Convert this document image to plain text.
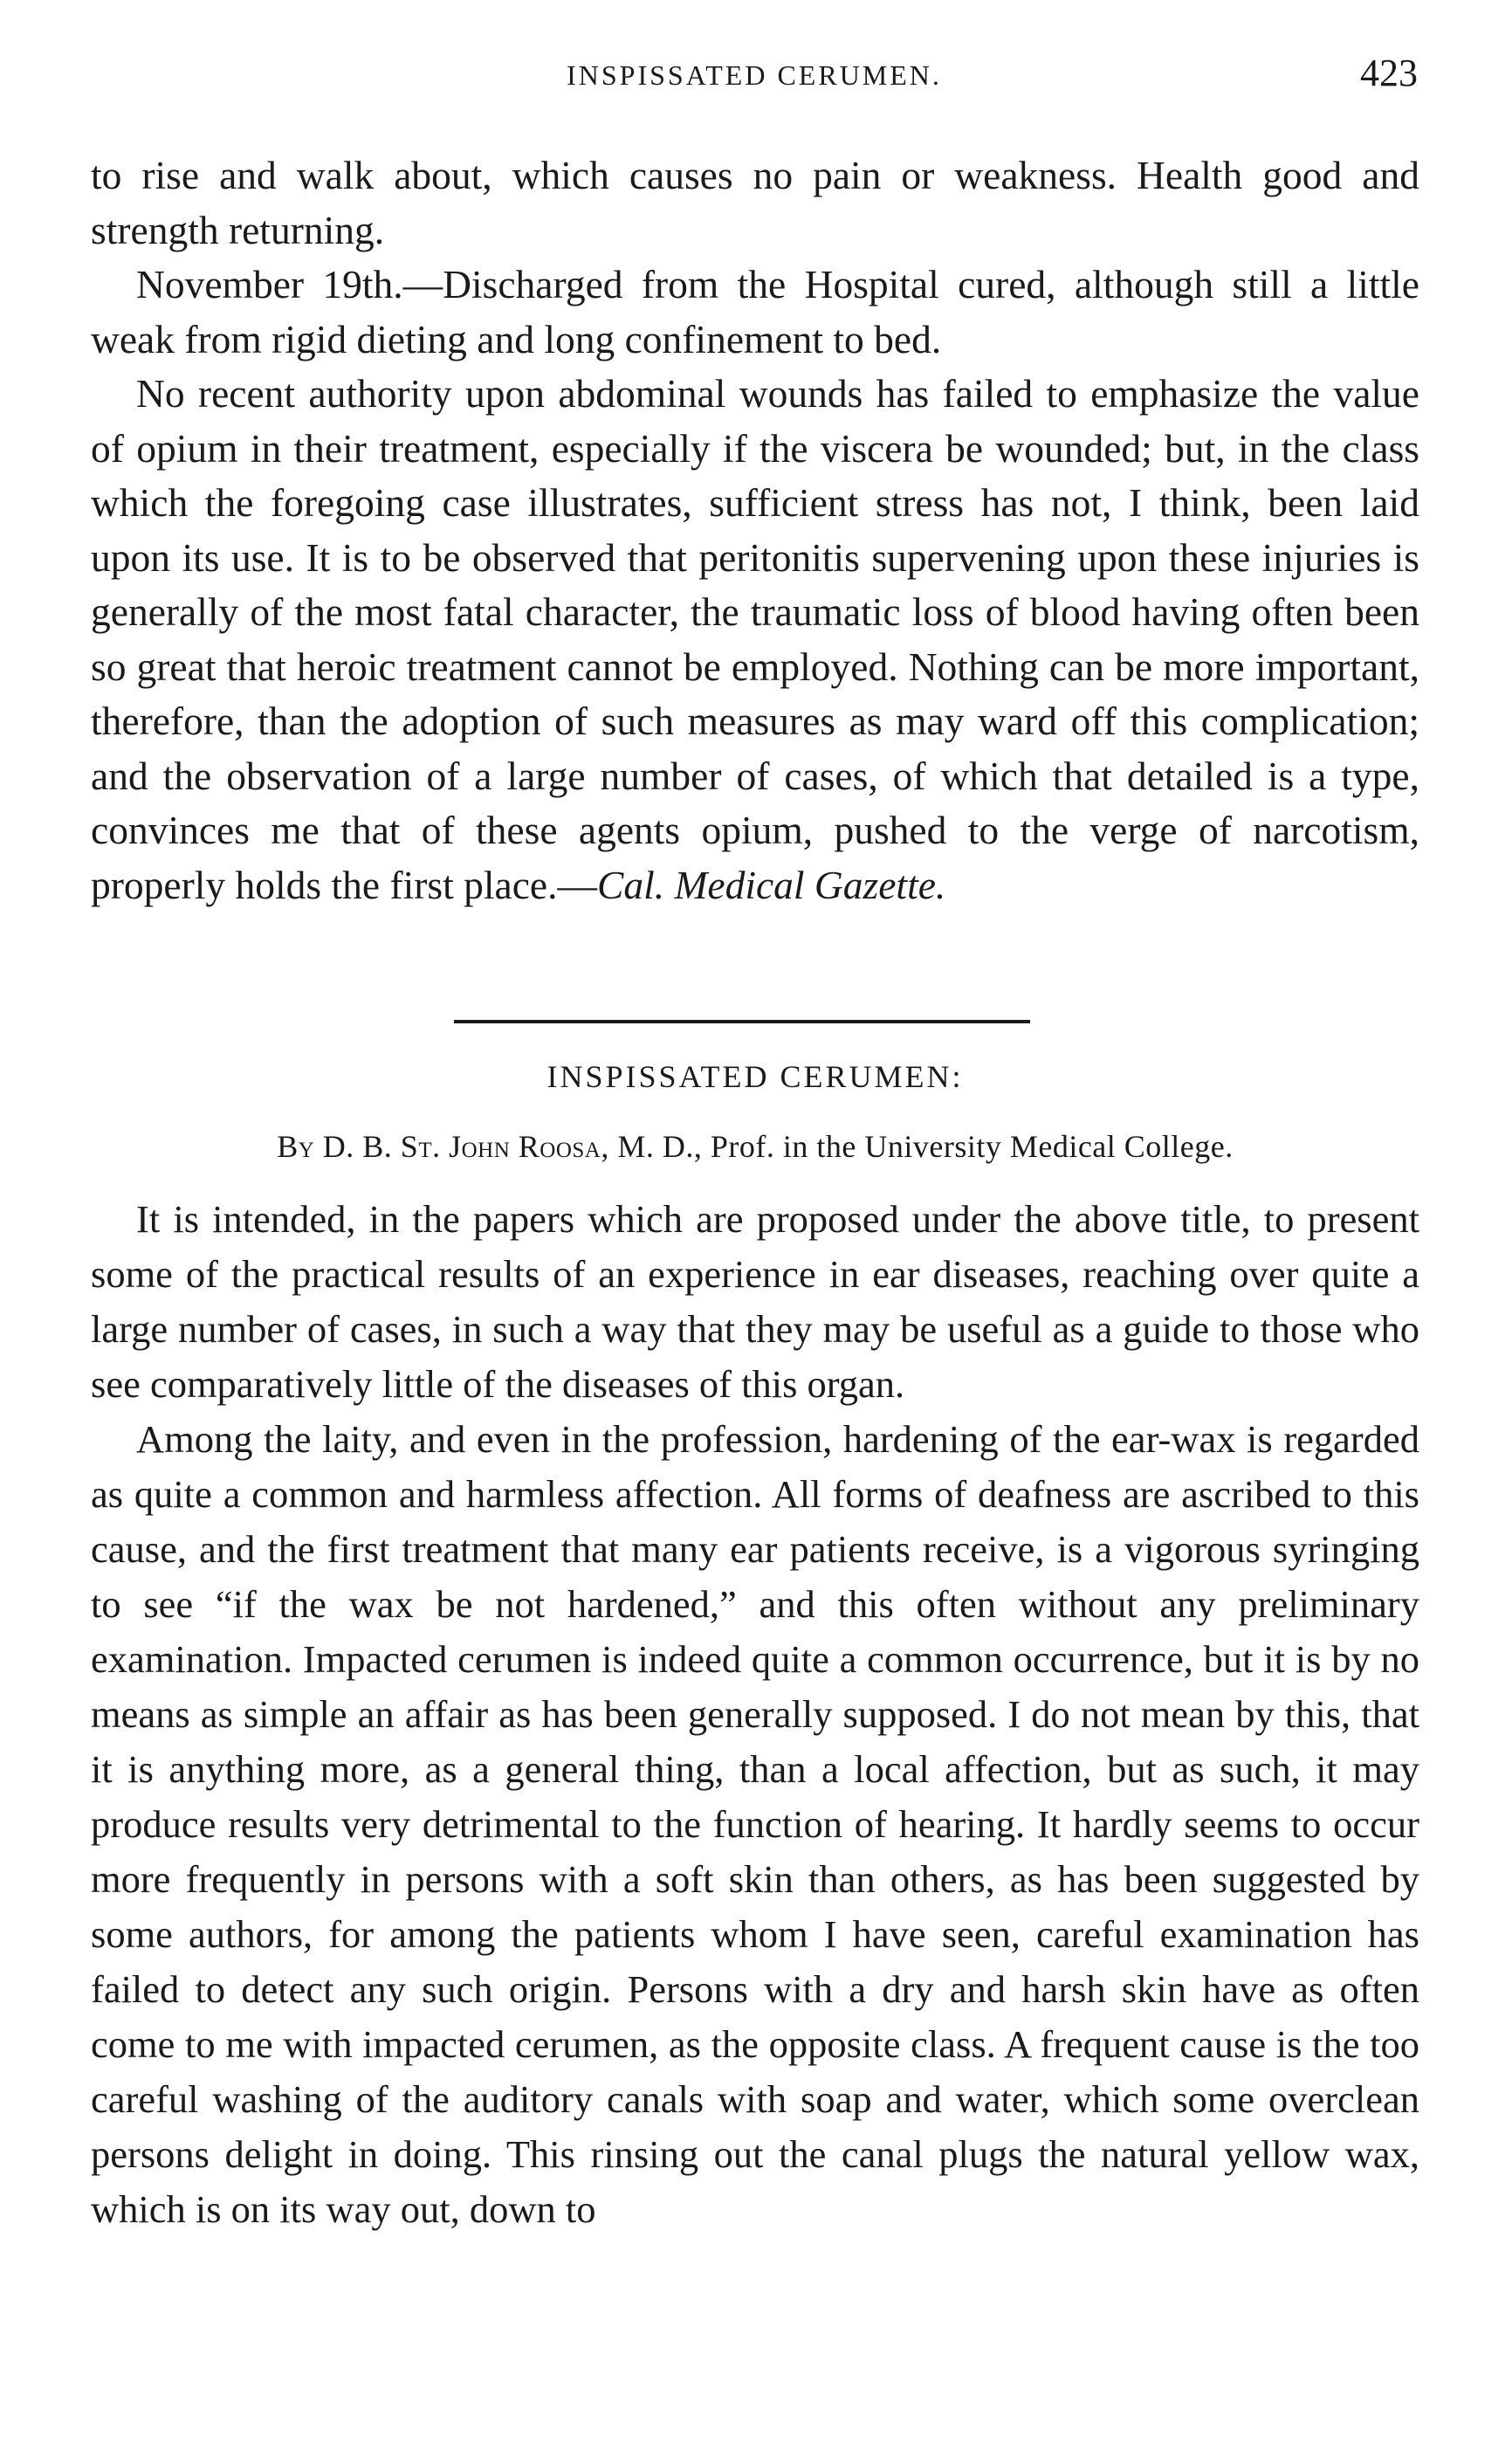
INSPISSATED CERUMEN.	423

to rise and walk about, which causes no pain or weakness. Health good and strength returning.

November 19th.—Discharged from the Hospital cured, although still a little weak from rigid dieting and long confinement to bed.

No recent authority upon abdominal wounds has failed to emphasize the value of opium in their treatment, especially if the viscera be wounded; but, in the class which the foregoing case illustrates, sufficient stress has not, I think, been laid upon its use. It is to be observed that peritonitis supervening upon these injuries is generally of the most fatal character, the traumatic loss of blood having often been so great that heroic treatment cannot be employed. Nothing can be more important, therefore, than the adoption of such measures as may ward off this complication; and the observation of a large number of cases, of which that detailed is a type, convinces me that of these agents opium, pushed to the verge of narcotism, properly holds the first place.—Cal. Medical Gazette.

INSPISSATED CERUMEN:
By D. B. St. John Roosa, M. D., Prof. in the University Medical College.

It is intended, in the papers which are proposed under the above title, to present some of the practical results of an experience in ear diseases, reaching over quite a large number of cases, in such a way that they may be useful as a guide to those who see comparatively little of the diseases of this organ.

Among the laity, and even in the profession, hardening of the ear-wax is regarded as quite a common and harmless affection. All forms of deafness are ascribed to this cause, and the first treatment that many ear patients receive, is a vigorous syringing to see “if the wax be not hardened,” and this often without any preliminary examination. Impacted cerumen is indeed quite a common occurrence, but it is by no means as simple an affair as has been generally supposed. I do not mean by this, that it is anything more, as a general thing, than a local affection, but as such, it may produce results very detrimental to the function of hearing. It hardly seems to occur more frequently in persons with a soft skin than others, as has been suggested by some authors, for among the patients whom I have seen, careful examination has failed to detect any such origin. Persons with a dry and harsh skin have as often come to me with impacted cerumen, as the opposite class. A frequent cause is the too careful washing of the auditory canals with soap and water, which some overclean persons delight in doing. This rinsing out the canal plugs the natural yellow wax, which is on its way out, down to
